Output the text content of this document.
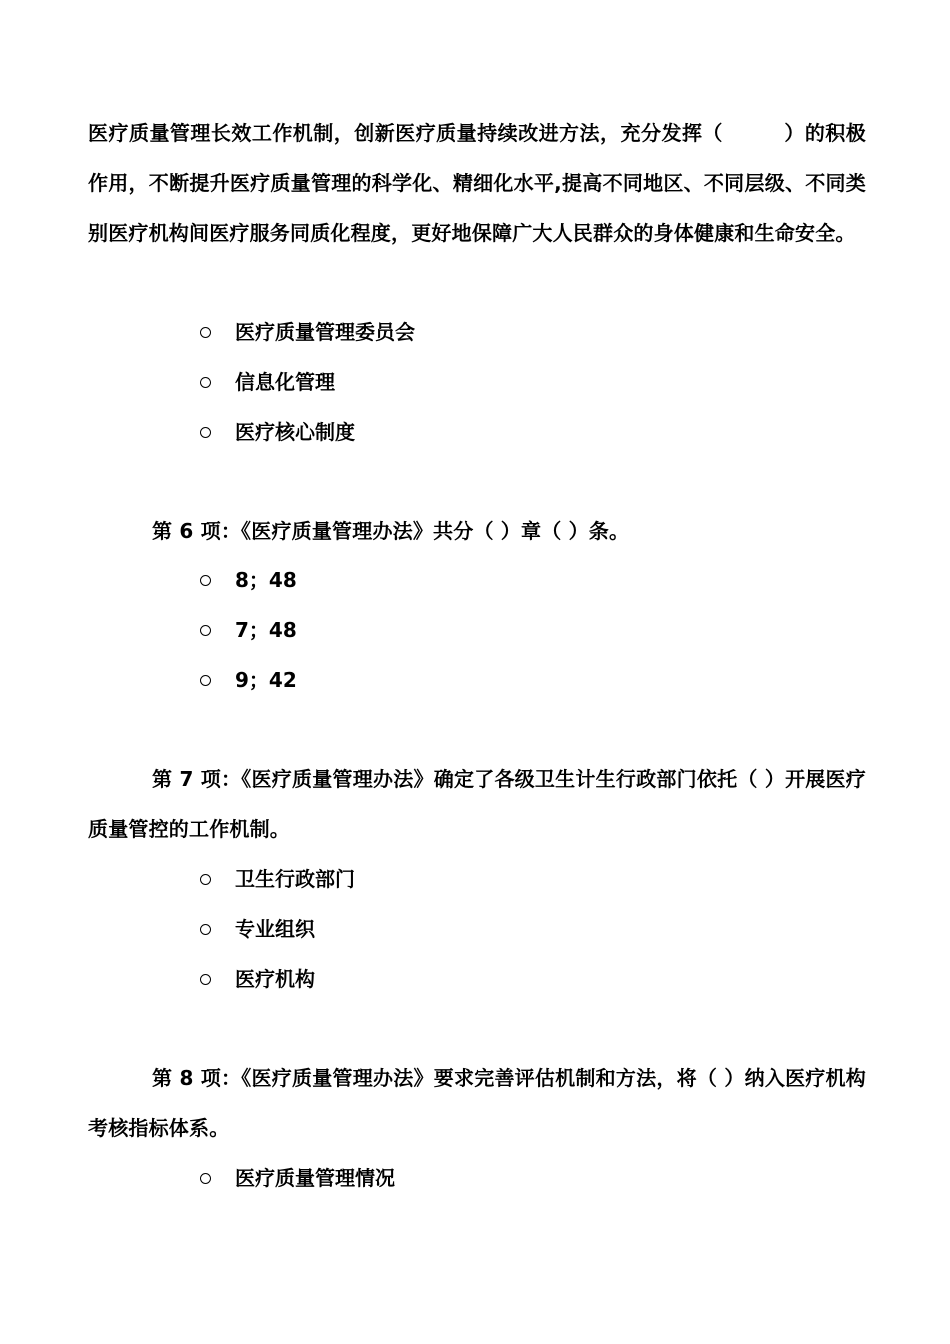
医疗质量管理长效工作机制，创新医疗质量持续改进方法，充分发挥（　　　）的积极作用，不断提升医疗质量管理的科学化、精细化水平,提高不同地区、不同层级、不同类别医疗机构间医疗服务同质化程度，更好地保障广大人民群众的身体健康和生命安全。

医疗质量管理委员会
信息化管理
医疗核心制度

第 6 项：《医疗质量管理办法》共分（ ）章（ ）条。

8；48
7；48
9；42

第 7 项：《医疗质量管理办法》确定了各级卫生计生行政部门依托（ ）开展医疗质量管控的工作机制。

卫生行政部门
专业组织
医疗机构

第 8 项：《医疗质量管理办法》要求完善评估机制和方法，将（ ）纳入医疗机构考核指标体系。

医疗质量管理情况
